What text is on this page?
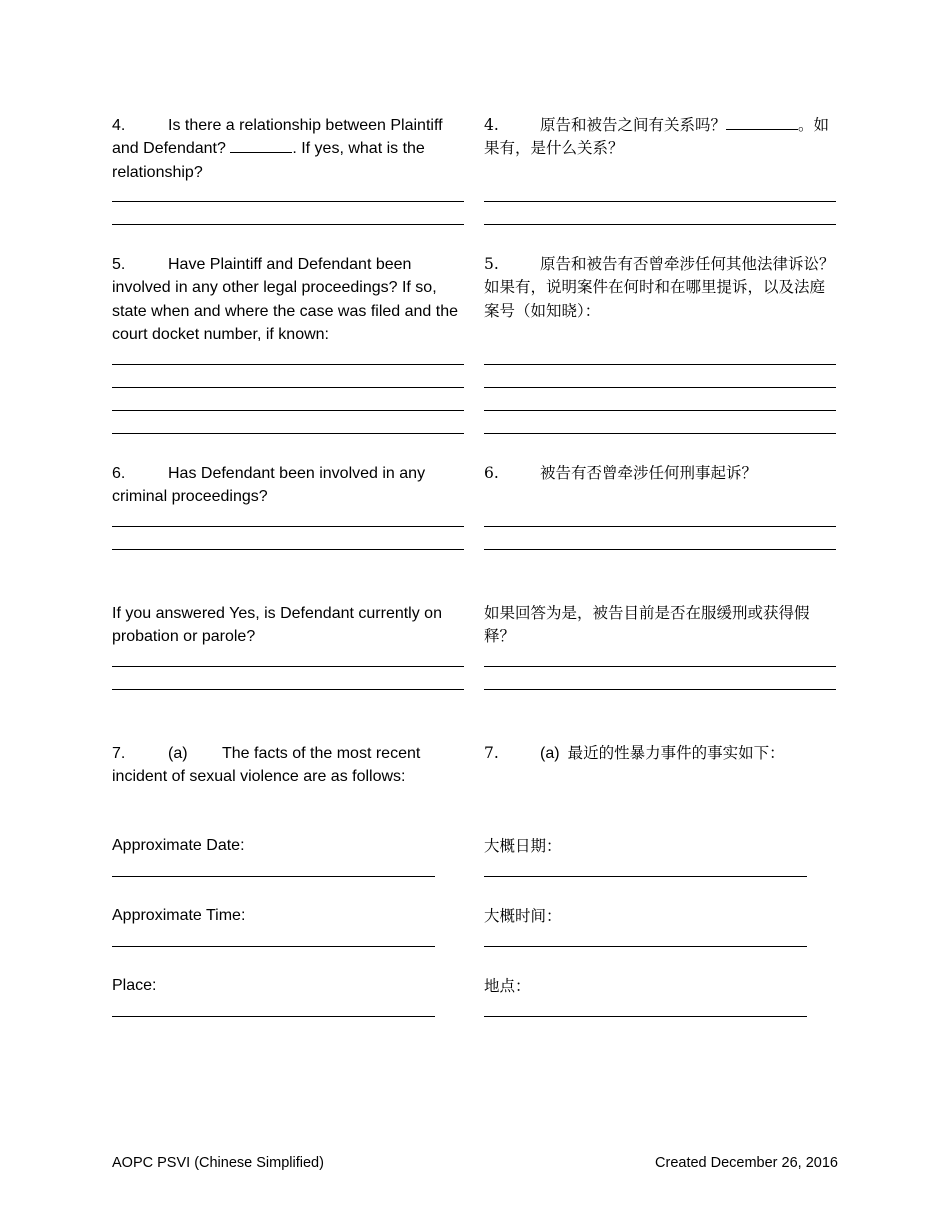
4.	Is there a relationship between Plaintiff and Defendant?	. If yes, what is the relationship?

5.	Have Plaintiff and Defendant been involved in any other legal proceedings? If so, state when and where the case was filed and the court docket number, if known:

6.	Has Defendant been involved in any criminal proceedings?

If you answered Yes, is Defendant currently on probation or parole?

7.	(a) The facts of the most recent incident of sexual violence are as follows:

Approximate Date:
Approximate Time:
Place:

4.	原告和被告之间有关系吗？	。如果有，是什么关系？

5.	原告和被告有否曾牵涉任何其他法律诉讼？如果有，说明案件在何时和在哪里提诉，以及法庭案号（如知晓）：

6.	被告有否曾牵涉任何刑事起诉？

如果回答为是，被告目前是否在服缓刑或获得假释？

7.	(a) 最近的性暴力事件的事实如下：

大概日期：
大概时间：
地点：
AOPC PSVI (Chinese Simplified)	Created December 26, 2016
